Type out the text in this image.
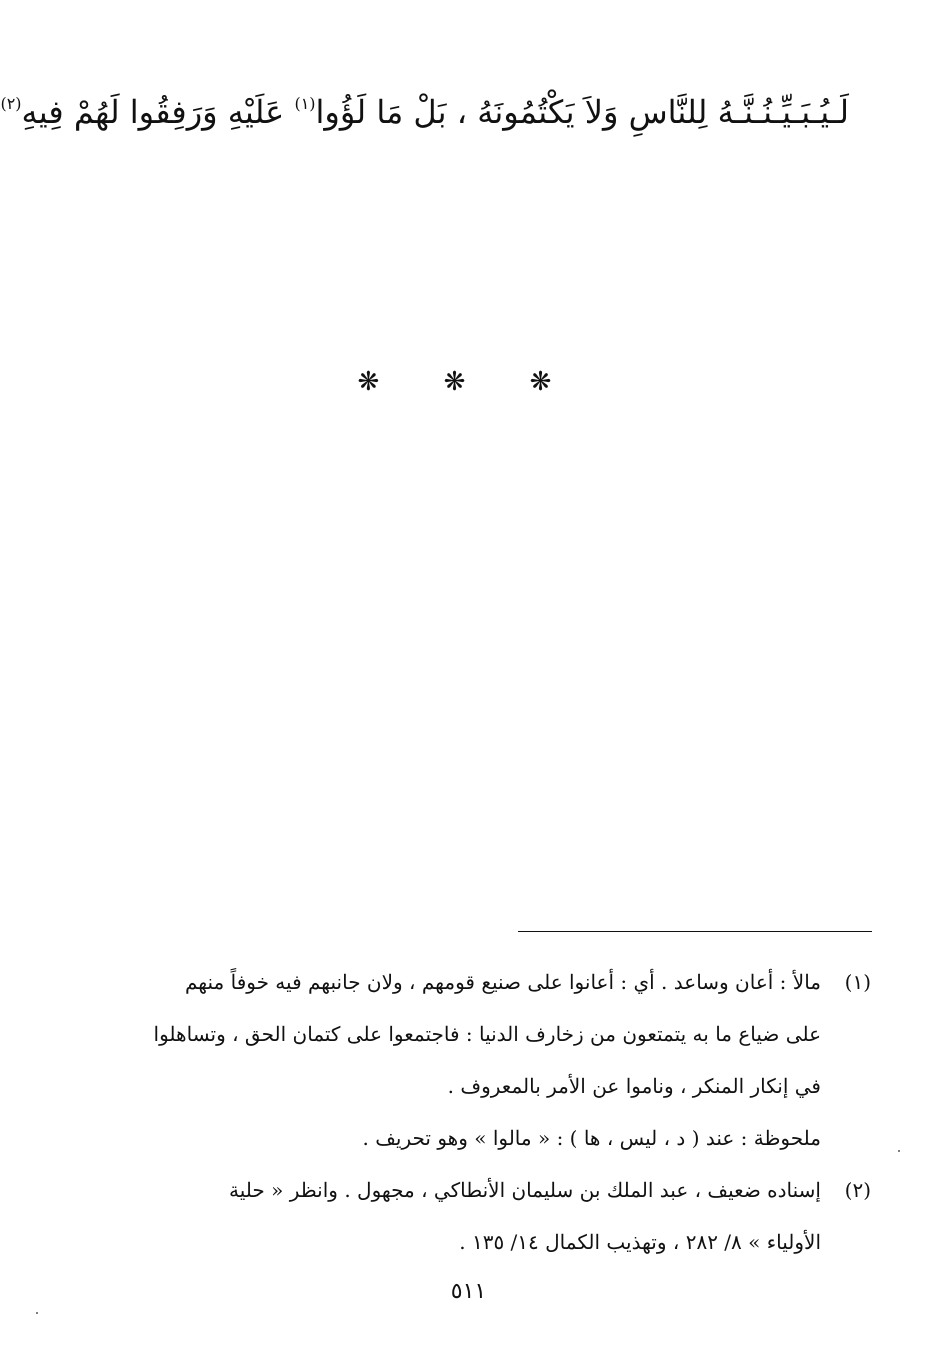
لَـيُـبَـيِّـنُـنَّـهُ لِلنَّاسِ وَلاَ يَكْتُمُونَهُ ، بَلْ مَا لَؤُوا$^{(١)}$ عَلَيْهِ وَرَفِقُوا لَهُمْ فِيهِ$^{(٢)}$
❋ ❋ ❋
(١)
مالأ : أعان وساعد . أي : أعانوا على صنيع قومهم ، ولان جانبهم فيه خوفاً منهم
على ضياع ما به يتمتعون من زخارف الدنيا : فاجتمعوا على كتمان الحق ، وتساهلوا
في إنكار المنكر ، وناموا عن الأمر بالمعروف .
ملحوظة : عند ( د ، ليس ، ها ) : « مالوا » وهو تحريف .
(٢)
إسناده ضعيف ، عبد الملك بن سليمان الأنطاكي ، مجهول . وانظر « حلية
الأولياء » ٨/ ٢٨٢ ، وتهذيب الكمال ١٤/ ١٣٥ .
٥١١
